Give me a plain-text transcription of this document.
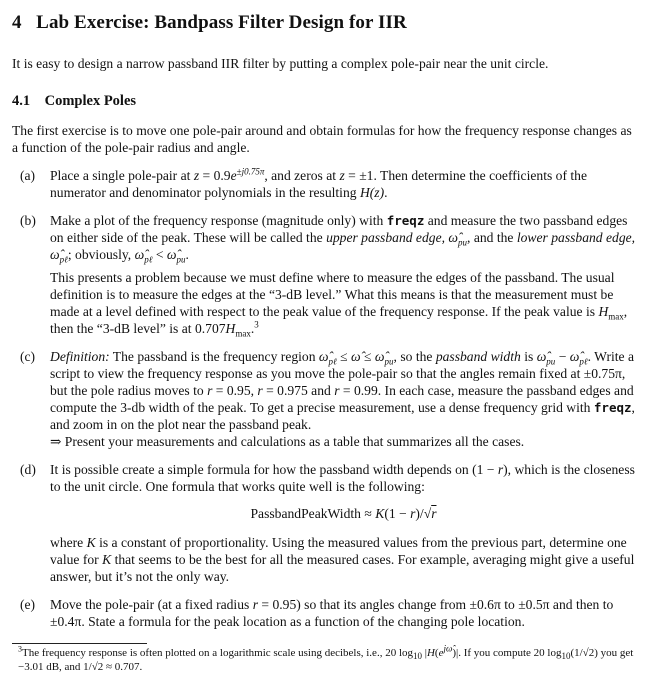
4 Lab Exercise: Bandpass Filter Design for IIR
It is easy to design a narrow passband IIR filter by putting a complex pole-pair near the unit circle.
4.1 Complex Poles
The first exercise is to move one pole-pair around and obtain formulas for how the frequency response changes as a function of the pole-pair radius and angle.
(a) Place a single pole-pair at $z = 0.9e^{\pm j0.75\pi}$, and zeros at z = ±1. Then determine the coefficients of the numerator and denominator polynomials in the resulting H(z).
(b) Make a plot of the frequency response (magnitude only) with freqz and measure the two passband edges on either side of the peak. These will be called the upper passband edge, $\omegâ_{pu}$, and the lower passband edge, $\omegâ_{p\ell}$; obviously, $\omegâ_{p\ell}$ < $\omegâ_{pu}$.
This presents a problem because we must define where to measure the edges of the passband. The usual definition is to measure the edges at the “3-dB level.” What this means is that the measurement must be made at a level defined with respect to the peak value of the frequency response. If the peak value is $H_{max}$, then the “3-dB level” is at $0.707H_{max}.^3$
(c) Definition: The passband is the frequency region $\omegâ_{p\ell}$ ≤ ω̂ ≤ $\omegâ_{pu}$, so the passband width is $\omegâ_{pu}$ − $\omegâ_{p\ell}$. Write a script to view the frequency response as you move the pole-pair so that the angles remain fixed at ±0.75π, but the pole radius moves to r = 0.95, r = 0.975 and r = 0.99. In each case, measure the passband edges and compute the 3-db width of the peak. To get a precise measurement, use a dense frequency grid with freqz, and zoom in on the plot near the passband peak.
⇒ Present your measurements and calculations as a table that summarizes all the cases.
(d) It is possible create a simple formula for how the passband width depends on (1 − r), which is the closeness to the unit circle. One formula that works quite well is the following:
PassbandPeakWidth ≈ K(1 − r)/√r
where K is a constant of proportionality. Using the measured values from the previous part, determine one value for K that seems to be the best for all the measured cases. For example, averaging might give a useful answer, but it’s not the only way.
(e) Move the pole-pair (at a fixed radius r = 0.95) so that its angles change from ±0.6π to ±0.5π and then to ±0.4π. State a formula for the peak location as a function of the changing pole location.
$^3$The frequency response is often plotted on a logarithmic scale using decibels, i.e., 20 $\log_{10} |H(e^{j\omegâ})|$. If you compute 20 $\log_{10}(1/√2)$ you get −3.01 dB, and 1/√2 ≈ 0.707.
